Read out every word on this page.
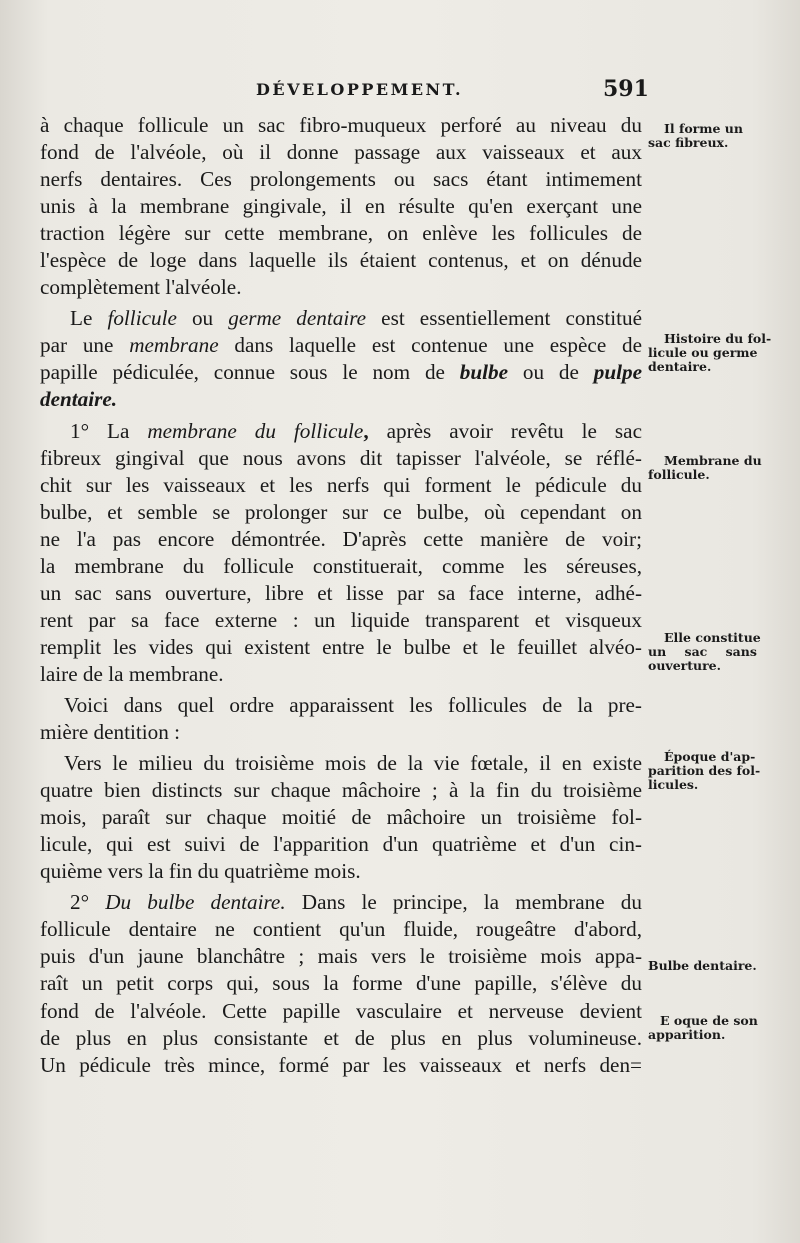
DÉVELOPPEMENT.	591
à chaque follicule un sac fibro-muqueux perforé au niveau du
fond de l'alvéole, où il donne passage aux vaisseaux et aux
nerfs dentaires. Ces prolongements ou sacs étant intimement
unis à la membrane gingivale, il en résulte qu'en exerçant une
traction légère sur cette membrane, on enlève les follicules de
l'espèce de loge dans laquelle ils étaient contenus, et on dénude
complètement l'alvéole.
Le follicule ou germe dentaire est essentiellement constitué
par une membrane dans laquelle est contenue une espèce de
papille pédiculée, connue sous le nom de bulbe ou de pulpe
dentaire.
1° La membrane du follicule, après avoir revêtu le sac
fibreux gingival que nous avons dit tapisser l'alvéole, se réflé-
chit sur les vaisseaux et les nerfs qui forment le pédicule du
bulbe, et semble se prolonger sur ce bulbe, où cependant on
ne l'a pas encore démontrée. D'après cette manière de voir;
la membrane du follicule constituerait, comme les séreuses,
un sac sans ouverture, libre et lisse par sa face interne, adhé-
rent par sa face externe : un liquide transparent et visqueux
remplit les vides qui existent entre le bulbe et le feuillet alvéo-
laire de la membrane.
Voici dans quel ordre apparaissent les follicules de la pre-
mière dentition :
Vers le milieu du troisième mois de la vie fœtale, il en existe
quatre bien distincts sur chaque mâchoire ; à la fin du troisième
mois, paraît sur chaque moitié de mâchoire un troisième fol-
licule, qui est suivi de l'apparition d'un quatrième et d'un cin-
quième vers la fin du quatrième mois.
2° Du bulbe dentaire. Dans le principe, la membrane du
follicule dentaire ne contient qu'un fluide, rougeâtre d'abord,
puis d'un jaune blanchâtre ; mais vers le troisième mois appa-
raît un petit corps qui, sous la forme d'une papille, s'élève du
fond de l'alvéole. Cette papille vasculaire et nerveuse devient
de plus en plus consistante et de plus en plus volumineuse.
Un pédicule très mince, formé par les vaisseaux et nerfs den=
Il forme un
sac fibreux.
Histoire du fol-
licule ou germe
dentaire.
Membrane du
follicule.
Elle constitue
un sac sans
ouverture.
Époque d'ap-
parition des fol-
licules.
Bulbe dentaire.
E oque de son
apparition.
